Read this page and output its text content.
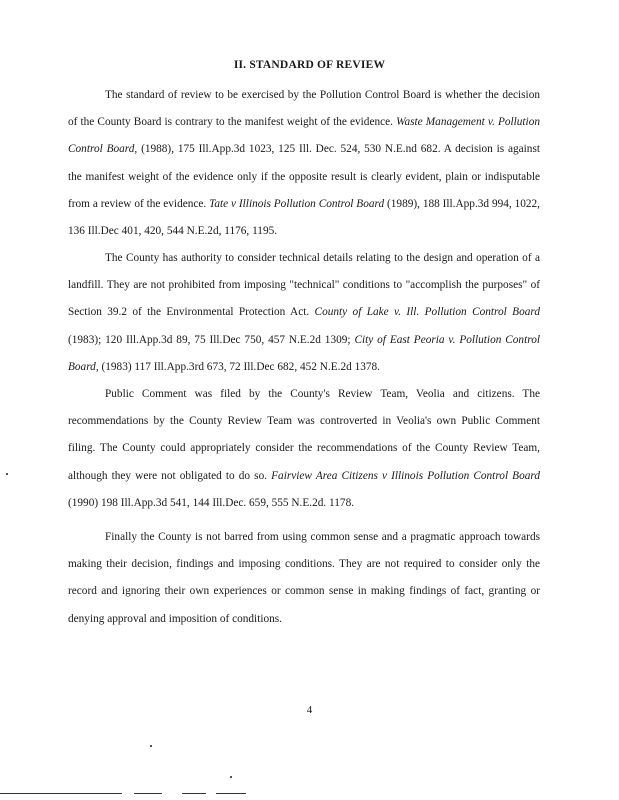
II. STANDARD OF REVIEW

The standard of review to be exercised by the Pollution Control Board is whether the decision of the County Board is contrary to the manifest weight of the evidence. Waste Management v. Pollution Control Board, (1988), 175 Ill.App.3d 1023, 125 Ill. Dec. 524, 530 N.E.nd 682. A decision is against the manifest weight of the evidence only if the opposite result is clearly evident, plain or indisputable from a review of the evidence. Tate v Illinois Pollution Control Board (1989), 188 Ill.App.3d 994, 1022, 136 Ill.Dec 401, 420, 544 N.E.2d, 1176, 1195.

The County has authority to consider technical details relating to the design and operation of a landfill. They are not prohibited from imposing "technical" conditions to "accomplish the purposes" of Section 39.2 of the Environmental Protection Act. County of Lake v. Ill. Pollution Control Board (1983); 120 Ill.App.3d 89, 75 Ill.Dec 750, 457 N.E.2d 1309; City of East Peoria v. Pollution Control Board, (1983) 117 Ill.App.3rd 673, 72 Ill.Dec 682, 452 N.E.2d 1378.

Public Comment was filed by the County's Review Team, Veolia and citizens. The recommendations by the County Review Team was controverted in Veolia's own Public Comment filing. The County could appropriately consider the recommendations of the County Review Team, although they were not obligated to do so. Fairview Area Citizens v Illinois Pollution Control Board (1990) 198 Ill.App.3d 541, 144 Ill.Dec. 659, 555 N.E.2d. 1178.

Finally the County is not barred from using common sense and a pragmatic approach towards making their decision, findings and imposing conditions. They are not required to consider only the record and ignoring their own experiences or common sense in making findings of fact, granting or denying approval and imposition of conditions.

4
